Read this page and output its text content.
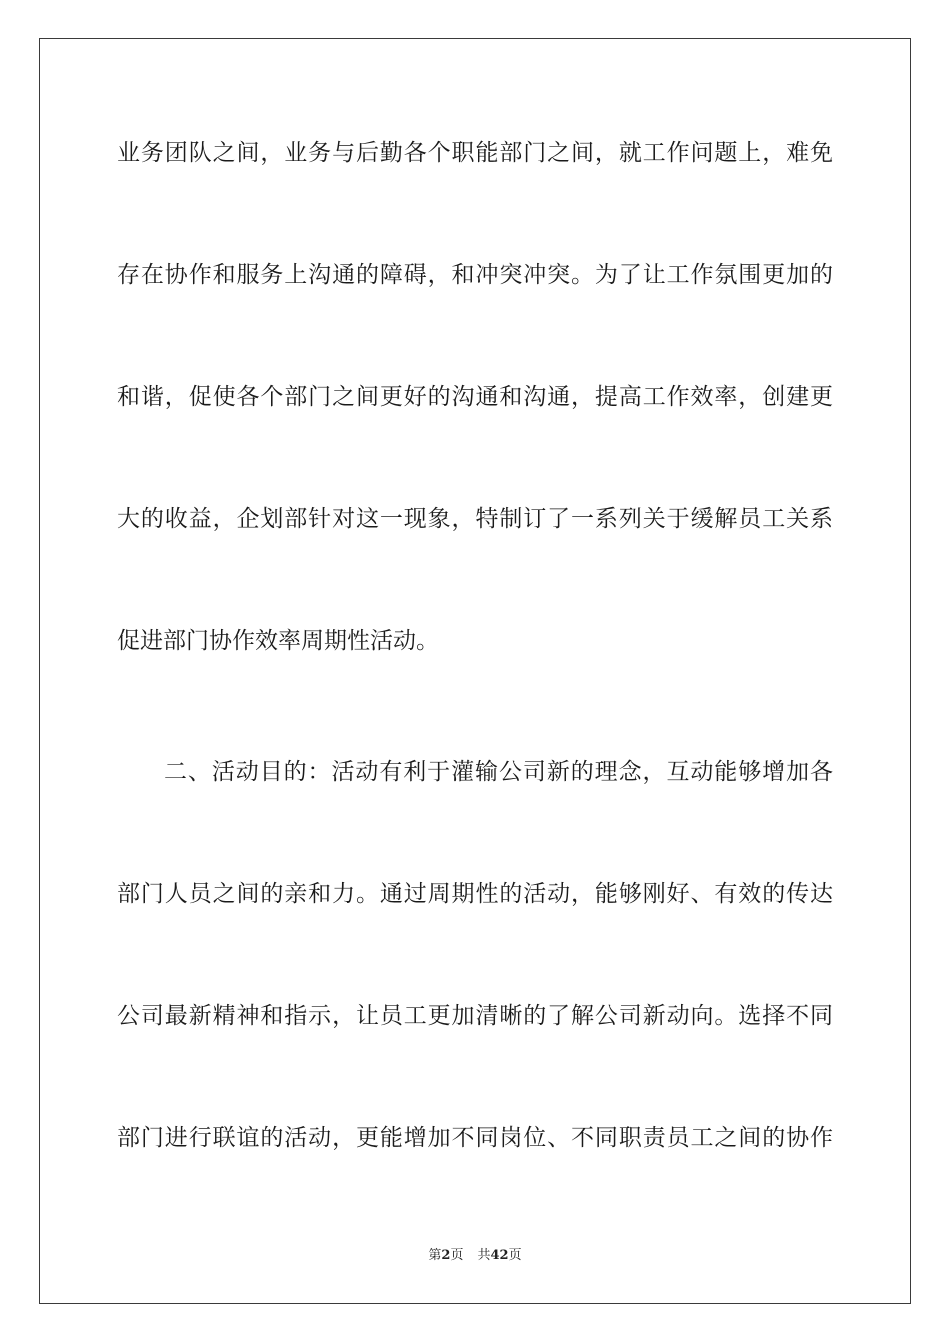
业务团队之间，业务与后勤各个职能部门之间，就工作问题上，难免
存在协作和服务上沟通的障碍，和冲突冲突。为了让工作氛围更加的
和谐，促使各个部门之间更好的沟通和沟通，提高工作效率，创建更
大的收益，企划部针对这一现象，特制订了一系列关于缓解员工关系
促进部门协作效率周期性活动。
二、活动目的：活动有利于灌输公司新的理念，互动能够增加各
部门人员之间的亲和力。通过周期性的活动，能够刚好、有效的传达
公司最新精神和指示，让员工更加清晰的了解公司新动向。选择不同
部门进行联谊的活动，更能增加不同岗位、不同职责员工之间的协作
第2页 共42页
